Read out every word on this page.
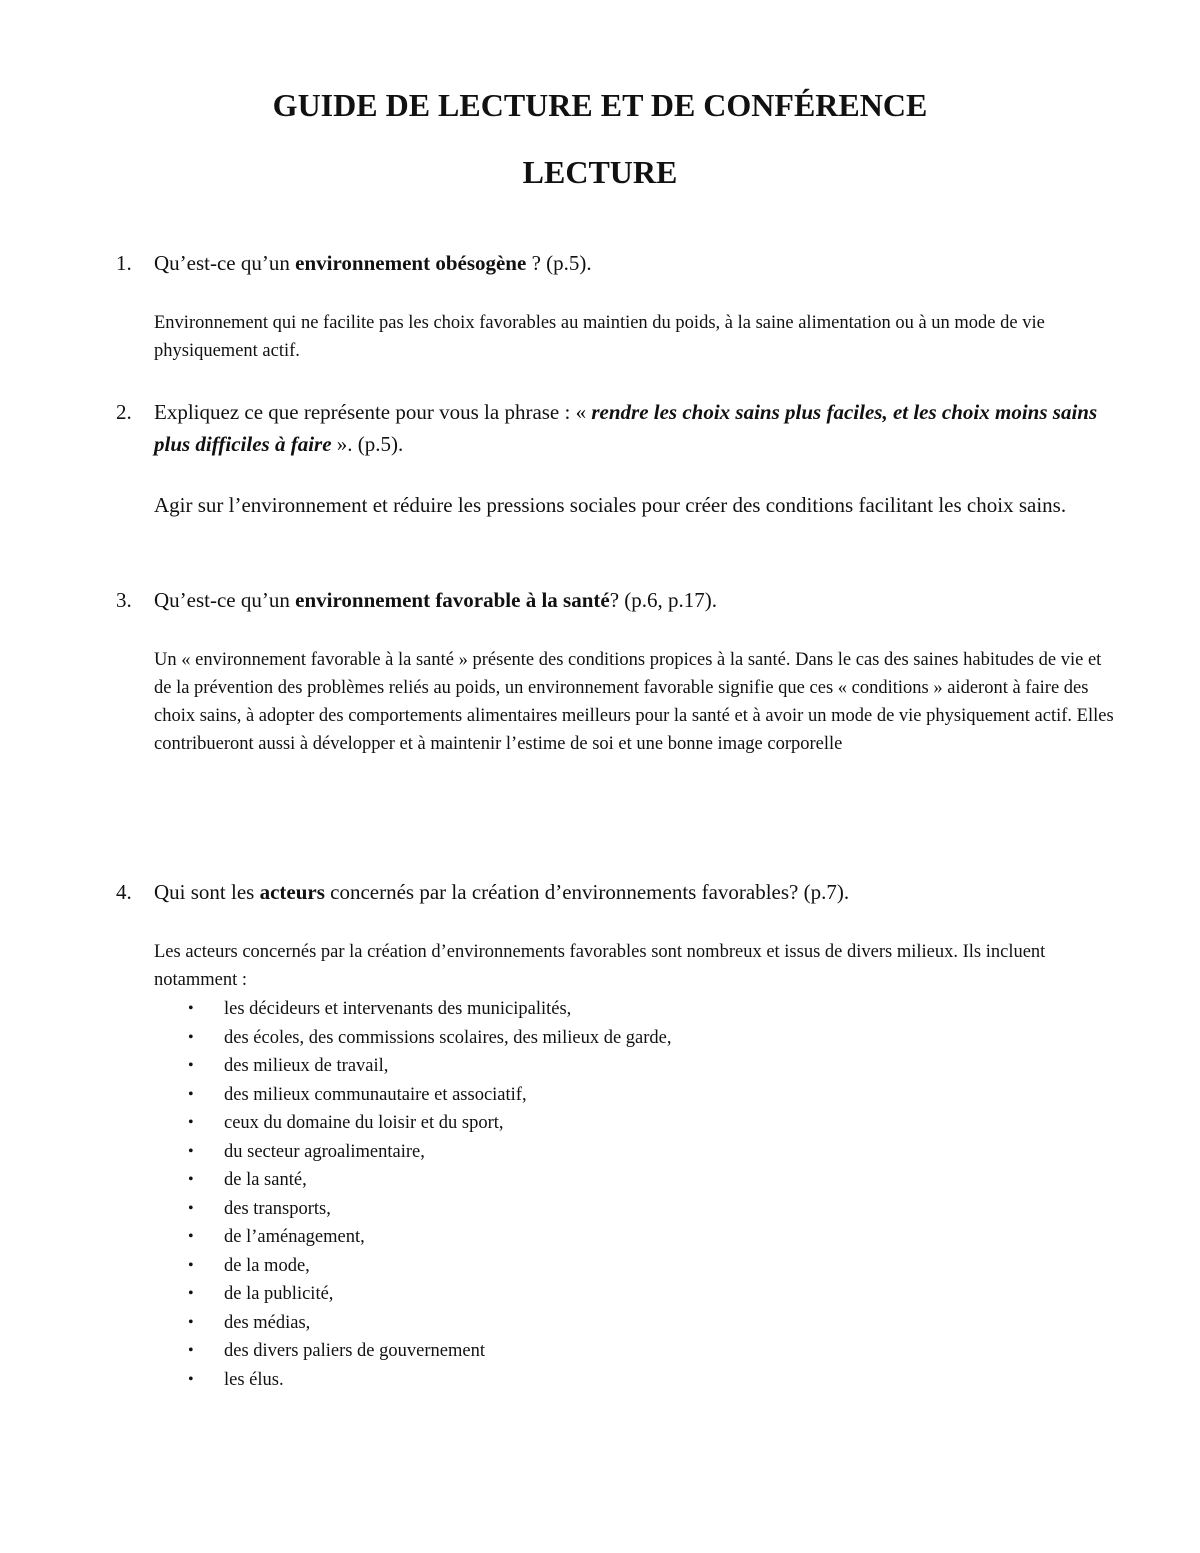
GUIDE DE LECTURE ET DE CONFÉRENCE
LECTURE
1. Qu’est-ce qu’un environnement obésogène ? (p.5).
Environnement qui ne facilite pas les choix favorables au maintien du poids, à la saine alimentation ou à un mode de vie physiquement actif.
2. Expliquez ce que représente pour vous la phrase : « rendre les choix sains plus faciles, et les choix moins sains plus difficiles à faire ». (p.5).
Agir sur l’environnement et réduire les pressions sociales pour créer des conditions facilitant les choix sains.
3. Qu’est-ce qu’un environnement favorable à la santé? (p.6, p.17).
Un « environnement favorable à la santé » présente des conditions propices à la santé. Dans le cas des saines habitudes de vie et de la prévention des problèmes reliés au poids, un environnement favorable signifie que ces « conditions » aideront à faire des choix sains, à adopter des comportements alimentaires meilleurs pour la santé et à avoir un mode de vie physiquement actif. Elles contribueront aussi à développer et à maintenir l’estime de soi et une bonne image corporelle
4. Qui sont les acteurs concernés par la création d’environnements favorables? (p.7).
Les acteurs concernés par la création d’environnements favorables sont nombreux et issus de divers milieux. Ils incluent notamment :
• les décideurs et intervenants des municipalités,
• des écoles, des commissions scolaires, des milieux de garde,
• des milieux de travail,
• des milieux communautaire et associatif,
• ceux du domaine du loisir et du sport,
• du secteur agroalimentaire,
• de la santé,
• des transports,
• de l’aménagement,
• de la mode,
• de la publicité,
• des médias,
• des divers paliers de gouvernement
• les élus.
